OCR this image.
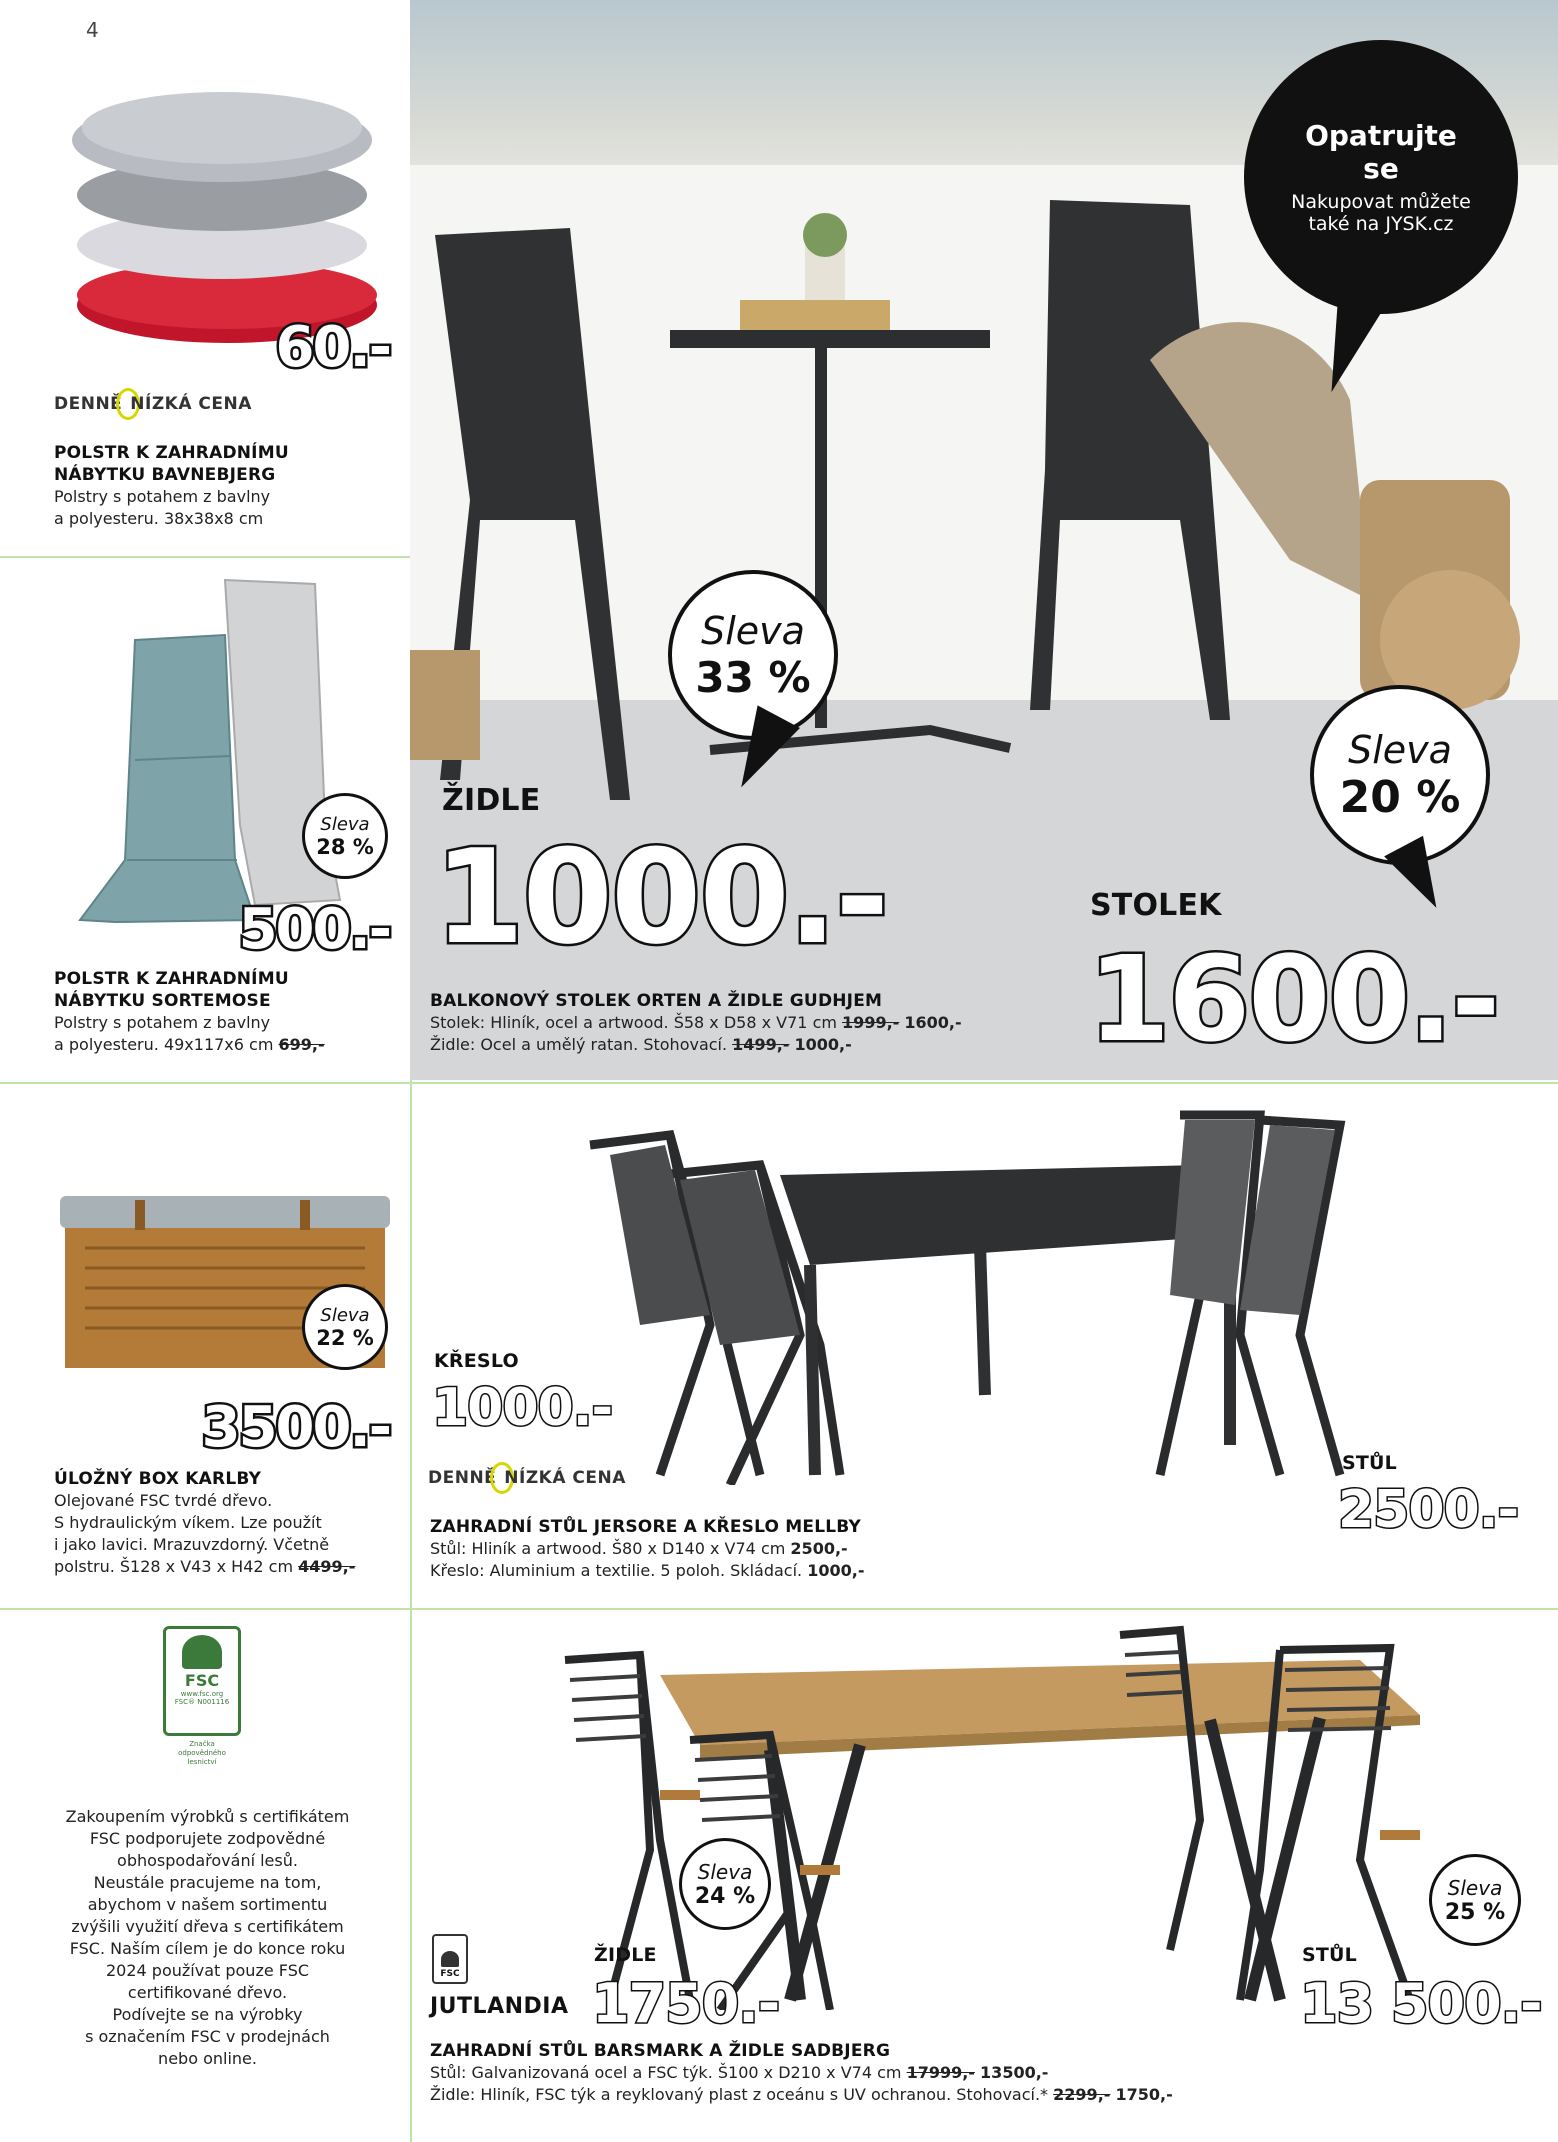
4
60.-
DENNĚ NÍZKÁ CENA
POLSTR K ZAHRADNÍMU
NÁBYTKU BAVNEBJERG
Polstry s potahem z bavlny
a polyesteru. 38x38x8 cm
Sleva
28 %
500.-
POLSTR K ZAHRADNÍMU
NÁBYTKU SORTEMOSE
Polstry s potahem z bavlny
a polyesteru. 49x117x6 cm 699,-
Opatrujte
se
Nakupovat můžete
také na JYSK.cz
Sleva
33 %
Sleva
20 %
ŽIDLE
1000.-	STOLEK
1600.-
BALKONOVÝ STOLEK ORTEN A ŽIDLE GUDHJEM
Stolek: Hliník, ocel a artwood. Š58 x D58 x V71 cm 1999,- 1600,-
Židle: Ocel a umělý ratan. Stohovací. 1499,- 1000,-
Sleva
22 %
3500.-
ÚLOŽNÝ BOX KARLBY
Olejované FSC tvrdé dřevo.
S hydraulickým víkem. Lze použít
i jako lavici. Mrazuvzdorný. Včetně
polstru. Š128 x V43 x H42 cm 4499,-
KŘESLO
1000.-
DENNĚ NÍZKÁ CENA
STŮL
2500.-
ZAHRADNÍ STŮL JERSORE A KŘESLO MELLBY
Stůl: Hliník a artwood. Š80 x D140 x V74 cm 2500,-
Křeslo: Aluminium a textilie. 5 poloh. Skládací. 1000,-
FSC
www.fsc.org
FSC® N001116
Značka odpovědného lesnictví
Zakoupením výrobků s certifikátem
FSC podporujete zodpovědné
obhospodařování lesů.
Neustále pracujeme na tom,
abychom v našem sortimentu
zvýšili využití dřeva s certifikátem
FSC. Naším cílem je do konce roku
2024 používat pouze FSC
certifikované dřevo.
Podívejte se na výrobky
s označením FSC v prodejnách
nebo online.
Sleva
24 %	Sleva
25 %
FSC
JUTLANDIA
ŽIDLE
1750.-
STŮL
13 500.-
ZAHRADNÍ STŮL BARSMARK A ŽIDLE SADBJERG
Stůl: Galvanizovaná ocel a FSC týk. Š100 x D210 x V74 cm 17999,- 13500,-
Židle: Hliník, FSC týk a reyklovaný plast z oceánu s UV ochranou. Stohovací.* 2299,- 1750,-
